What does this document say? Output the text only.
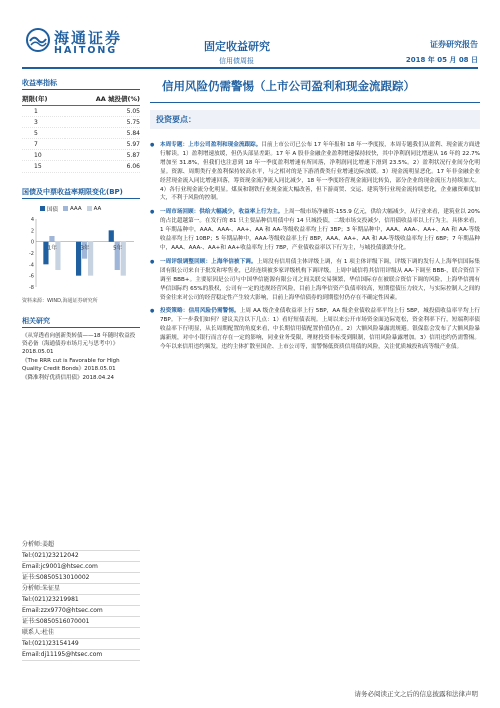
海通证券
HAITONG	固定收益研究
信用债周报
证券研究报告
2018 年 05 月 08 日
收益率指标
期限(年)	AA 城投债(%)
1	5.05
3	5.75
5	5.84
7	5.97
10	5.87
15	6.06
国债及中票收益率期限变化(BP)
国债 AAA AA
4
2
0
-2
-4
-6
-8
1年	3年	5年
资料来源：WIND,海通证券研究所
相关研究

《从穿透看向创新类转债——18 年随时收益投资必备（海通债券市场月元与思考中）》2018.05.01

《The RRR cut is Favorable for High Quality Credit Bonds》2018.05.01

《降准利好优质信用债》2018.04.24

分析师:姜超

Tel:(021)23212042

Email:jc9001@htsec.com

证书:S0850513010002

分析师:朱征星

Tel:(021)23219981

Email:zzx9770@htsec.com

证书:S0850516070001

联系人:杜佳

Tel:(021)23154149

Email:dj11195@htsec.com

信用风险仍需警惕（上市公司盈利和现金流跟踪）
投资要点：
● 本周专题：上市公司盈利和现金流跟踪。目前上市公司已公布 17 年年报和 18 年一季度报，本周专题我们从盈利、现金流方面进行解读。1）盈利增速放缓，但仍头部显差距。17 年 A 股非金融企业盈利增速保持较快，其中净利润同比增速从 16 年的 22.7%增加至 31.8%，但我们也注意到 18 年一季度盈利增速有所回落，净利润同比增速下滑到 23.5%。2）盈利状况行业间分化明显。资源、周期类行业盈利保持较高水平，与之相对的是下游消费类行业增速边际放缓。3）现金流明显恶化。17 年非金融企业经营现金流入同比增速回落，筹资现金流净流入同比减少，18 年一季度经营现金流同比转负，部分企业的现金流压力持续加大。4）各行业现金流分化明显。煤炭和钢铁行业现金流大幅改善，但下游商贸、交运、建筑等行业现金流持续恶化，企业融资难度加大，不利于风险的控制。
● 一周市场回顾：供给大幅减少，收益率上行为主。上周一级市场净融资-155.9 亿元，供给大幅减少，从行业来看，建筑业以 20%的占比超越第一。在发行的 81 只主要品种信用债中有 14 只城投债，二级市场交投减少，信用债收益率以上行为主。具体来看，1 年期品种中，AAA、AAA-、AA+、AA 和 AA-等级收益率均上行 3BP；3 年期品种中，AAA、AAA-、AA+、AA 和 AA-等级收益率均上行 10BP；5 年期品种中，AAA-等级收益率上行 8BP，AAA、AA+、AA 和 AA-等级收益率均上行 6BP；7 年期品种中，AAA、AAA-、AA+和 AA+收益率均上行 7BP，产业债收益率以下行为主，与城投债涨跌分化。
● 一周评级调整回顾：上海华信被下调。上周没有信用债主体评级上调，有 1 项主体评级下调，评级下调的发行人上海华信国际集团有限公司来自于批发和零售业，已经连续被多家评级机构下调评级。上周中诚信将其信用评级从 AA-下调至 BBB-，联合资信下调至 BBB+。主要原因是公司与中国华信能源有限公司之间关联交易频繁，华信国际存在被联合资信下调的风险，上海华信拥有华信国际约 65%的股权，公司有一定的违规经营风险，目前上海华信资产负债率较高，短期偿债压力较大，与实际控制人之间的资金往来对公司的经营稳定性产生较大影响，目前上海华信债券的到期偿付仍存在不确定性因素。
● 投资策略：信用风险仍需警惕。上周 AA 级企业债收益率上行 5BP，AA 级企业债收益率平均上行 5BP，城投债收益率平均上行 7BP。下一步我们如何？建议关注以下几点：1）看好短债表现。上周以来公开市场资金面边际宽松，资金利率下行，短端利率债收益率下行明显，从长周期配置的角度来看，中长期信用债配置价值仍在。2）大额风险暴露需规避。银保监会发布了大额风险暴露新规，对中小银行而言存在一定的影响，同业业务受限，理财投资非标受到限制，信用风险暴露增加。3）信用违约仍需警惕。今年以来信用违约频发，违约主体扩散至国企、上市公司等，需警惕低资质信用债的风险，关注优质城投和高等级产业债。
请务必阅读正文之后的信息披露和法律声明
